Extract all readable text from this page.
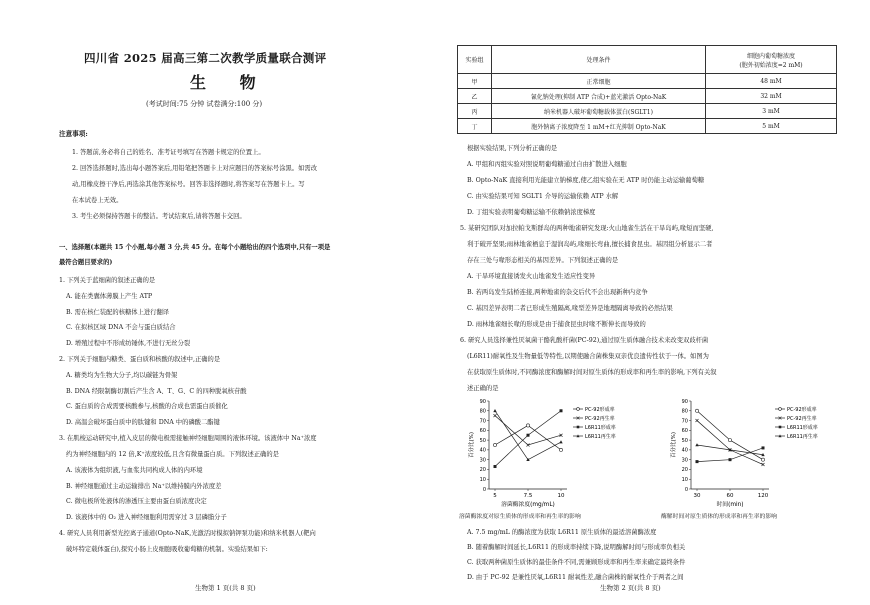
四川省 2025 届高三第二次教学质量联合测评
生 物
(考试时间:75 分钟 试卷满分:100 分)
注意事项:
1. 答题前,务必将自己的姓名、准考证号填写在答题卡规定的位置上。
2. 回答选择题时,选出每小题答案后,用铅笔把答题卡上对应题目的答案标号涂黑。如需改
动,用橡皮擦干净后,再选涂其他答案标号。回答非选择题时,将答案写在答题卡上。写
在本试卷上无效。
3. 考生必须保持答题卡的整洁。考试结束后,请将答题卡交回。
一、选择题(本题共 15 个小题,每小题 3 分,共 45 分。在每个小题给出的四个选项中,只有一项是
最符合题目要求的)
1. 下列关于蓝细菌的叙述正确的是
A. 能在类囊体薄膜上产生 ATP
B. 需在核仁装配的核糖体上进行翻译
C. 在拟核区域 DNA 不会与蛋白质结合
D. 增殖过程中不形成纺锤体,不进行无丝分裂
2. 下列关于细胞内糖类、蛋白质和核酸的叙述中,正确的是
A. 糖类均为生物大分子,均以碳链为骨架
B. DNA 经限制酶切割后产生含 A、T、G、C 的四种脱氧核苷酸
C. 蛋白质的合成需要核酸参与,核酸的合成也需蛋白质催化
D. 高温会破坏蛋白质中的肽键和 DNA 中的磷酸二酯键
3. 在肌梭运动研究中,植入皮层的微电极需接触神经细胞周围的液体环境。该液体中 Na⁺浓度
约为神经细胞内的 12 倍,K⁺浓度较低,且含有微量蛋白质。下列叙述正确的是
A. 该液体为组织液,与血浆共同构成人体的内环境
B. 神经细胞通过主动运输排出 Na⁺以维持膜内外浓度差
C. 微电极所处液体的渗透压主要由蛋白质浓度决定
D. 该液体中的 O₂ 进入神经细胞利用需穿过 3 层磷脂分子
4. 研究人员利用新型光控离子通道(Opto-NaK,光激活时模拟钠钾泵功能)和纳米机器人(靶向
破坏特定载体蛋白),探究小肠上皮细胞吸收葡萄糖的机制。实验结果如下:
生物第 1 页(共 8 页)
实验组	处理条件	细胞内葡萄糖浓度
(胞外初始浓度=2 mM)
甲	正常细胞	48 mM
乙	氰化钠处理(抑制 ATP 合成)+蓝光激活 Opto-NaK	32 mM
丙	纳米机器人破坏葡萄糖载体蛋白(SGLT1)	3 mM
丁	胞外钠离子浓度降至 1 mM+红光抑制 Opto-NaK	5 mM
根据实验结果,下列分析正确的是
A. 甲组和丙组实验对照说明葡萄糖通过自由扩散进入细胞
B. Opto-NaK 直接利用光能建立钠梯度,使乙组实验在无 ATP 时仍能主动运输葡萄糖
C. 由实验结果可知 SGLT1 介导的运输依赖 ATP 水解
D. 丁组实验表明葡萄糖运输不依赖钠浓度梯度
5. 某研究团队对加拉帕戈斯群岛的两种地雀研究发现:火山地雀生活在干旱岛屿,喙短而坚硬,
利于破开坚果;雨林地雀栖息于湿润岛屿,喙细长弯曲,擅长捕食昆虫。基因组分析显示二者
存在三处与喙形态相关的基因差异。下列叙述正确的是
A. 干旱环境直接诱发火山地雀发生适应性变异
B. 若两岛发生陆桥连接,两种地雀的杂交后代不会出现新种内竞争
C. 基因差异表明二者已形成生殖隔离,喙型差异是地理隔离导致的必然结果
D. 雨林地雀细长喙的形成是由于捕食昆虫时喙不断伸长而导致的
6. 研究人员选择兼性厌氧菌干酪乳酸杆菌(PC-92),通过原生质体融合技术来改变双歧杆菌
(L6R11)耐氧性及生物量低等特性,以期使融合菌株集双亲优良遗传性状于一体。如图为
在获取原生质体时,不同酶浓度和酶解时间对原生质体的形成率和再生率的影响,下列有关叙
述正确的是
0
10
20
30
40
50
60
70
80
90
5	7.5	10
百分比(%)
溶菌酶浓度(mg/mL)
PC-92形成率
PC-92再生率
L6R11形成率
L6R11再生率
0
10
20
30
40
50
60
70
80
90
30	60	120
百分比(%)
时间(min)
PC-92形成率
PC-92再生率
L6R11形成率
L6R11再生率
溶菌酶浓度对原生质体的形成率和再生率的影响	酶解时间对原生质体的形成率和再生率的影响
A. 7.5 mg/mL 的酶浓度为获取 L6R11 原生质体的最适溶菌酶浓度
B. 随着酶解时间延长,L6R11 的形成率持续下降,说明酶解时间与形成率负相关
C. 获取两种菌原生质体的最佳条件不同,需兼顾形成率和再生率来确定最终条件
D. 由于 PC-92 是兼性厌氧,L6R11 耐氧性差,融合菌株的耐氧性介于两者之间
生物第 2 页(共 8 页)
